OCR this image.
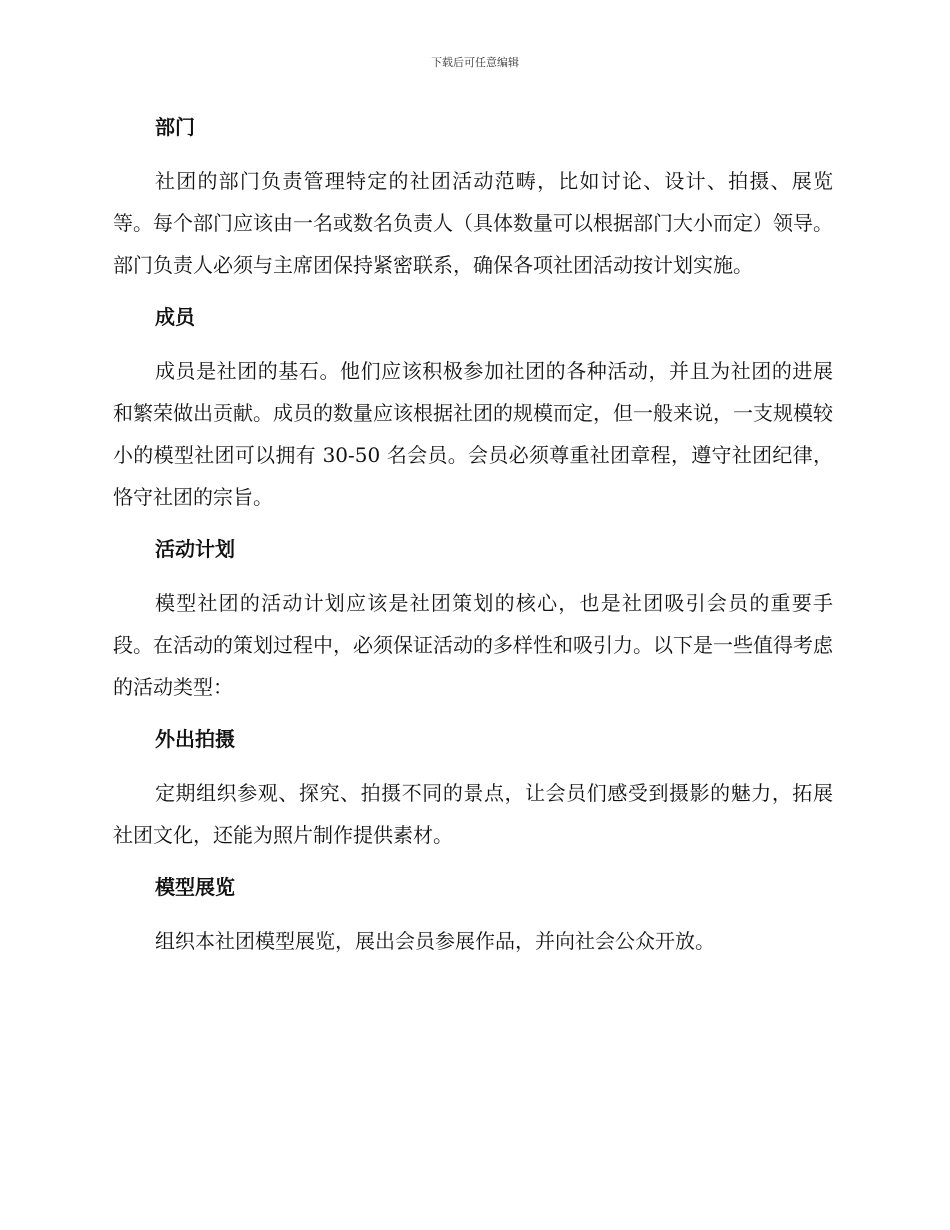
下载后可任意编辑
部门

社团的部门负责管理特定的社团活动范畴，比如讨论、设计、拍摄、展览等。每个部门应该由一名或数名负责人（具体数量可以根据部门大小而定）领导。部门负责人必须与主席团保持紧密联系，确保各项社团活动按计划实施。

成员

成员是社团的基石。他们应该积极参加社团的各种活动，并且为社团的进展和繁荣做出贡献。成员的数量应该根据社团的规模而定，但一般来说，一支规模较小的模型社团可以拥有 30-50 名会员。会员必须尊重社团章程，遵守社团纪律，恪守社团的宗旨。

活动计划

模型社团的活动计划应该是社团策划的核心，也是社团吸引会员的重要手段。在活动的策划过程中，必须保证活动的多样性和吸引力。以下是一些值得考虑的活动类型：

外出拍摄

定期组织参观、探究、拍摄不同的景点，让会员们感受到摄影的魅力，拓展社团文化，还能为照片制作提供素材。

模型展览

组织本社团模型展览，展出会员参展作品，并向社会公众开放。
